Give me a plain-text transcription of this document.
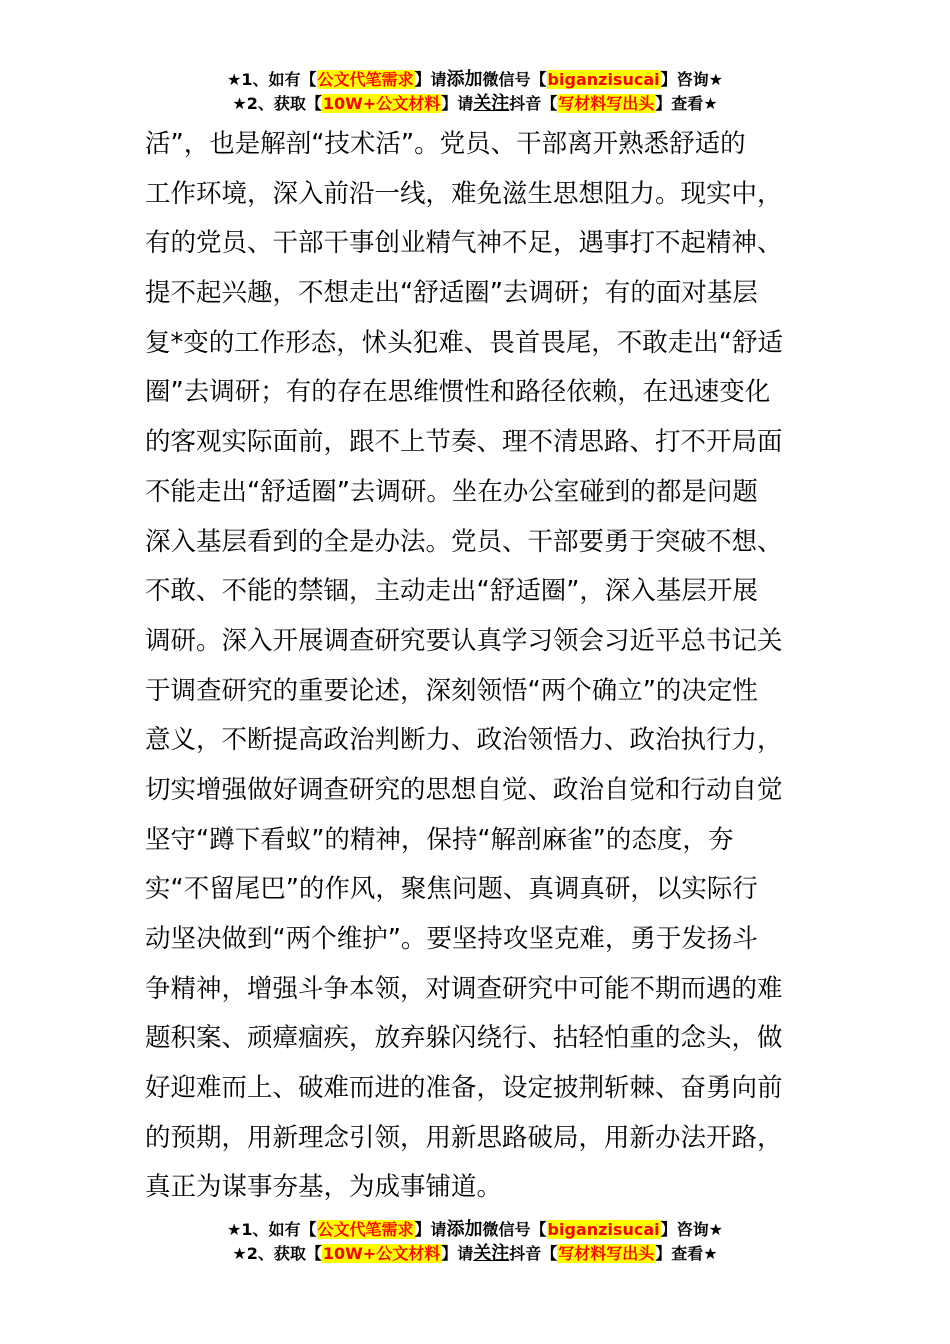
★1、如有【公文代笔需求】请添加微信号【biganzisucai】咨询★
★2、获取【10W+公文材料】请关注抖音【写材料写出头】查看★
活”，也是解剖“技术活”。党员、干部离开熟悉舒适的
工作环境，深入前沿一线，难免滋生思想阻力。现实中，
有的党员、干部干事创业精气神不足，遇事打不起精神、
提不起兴趣，不想走出“舒适圈”去调研；有的面对基层
复*变的工作形态，怵头犯难、畏首畏尾，不敢走出“舒适
圈”去调研；有的存在思维惯性和路径依赖，在迅速变化
的客观实际面前，跟不上节奏、理不清思路、打不开局面
不能走出“舒适圈”去调研。坐在办公室碰到的都是问题
深入基层看到的全是办法。党员、干部要勇于突破不想、
不敢、不能的禁锢，主动走出“舒适圈”，深入基层开展
调研。深入开展调查研究要认真学习领会习近平总书记关
于调查研究的重要论述，深刻领悟“两个确立”的决定性
意义，不断提高政治判断力、政治领悟力、政治执行力，
切实增强做好调查研究的思想自觉、政治自觉和行动自觉
坚守“蹲下看蚁”的精神，保持“解剖麻雀”的态度，夯
实“不留尾巴”的作风，聚焦问题、真调真研，以实际行
动坚决做到“两个维护”。要坚持攻坚克难，勇于发扬斗
争精神，增强斗争本领，对调查研究中可能不期而遇的难
题积案、顽瘴痼疾，放弃躲闪绕行、拈轻怕重的念头，做
好迎难而上、破难而进的准备，设定披荆斩棘、奋勇向前
的预期，用新理念引领，用新思路破局，用新办法开路，
真正为谋事夯基，为成事铺道。
★1、如有【公文代笔需求】请添加微信号【biganzisucai】咨询★
★2、获取【10W+公文材料】请关注抖音【写材料写出头】查看★
